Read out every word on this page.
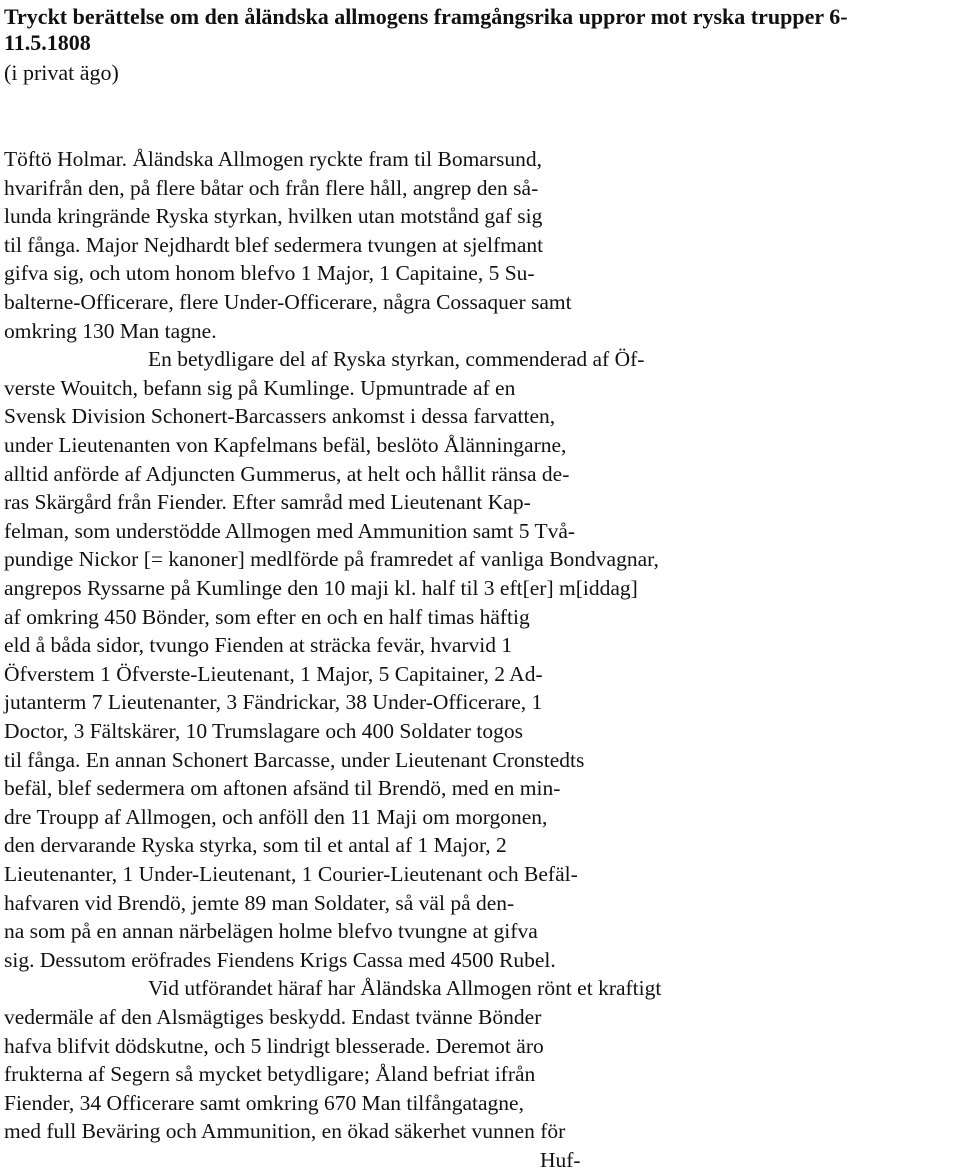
Tryckt berättelse om den åländska allmogens framgångsrika uppror mot ryska trupper 6-
11.5.1808

(i privat ägo)

Töftö Holmar. Åländska Allmogen ryckte fram til Bomarsund,
hvarifrån den, på flere båtar och från flere håll, angrep den så-
lunda kringrände Ryska styrkan, hvilken utan motstånd gaf sig
til fånga. Major Nejdhardt blef sedermera tvungen at sjelfmant
gifva sig, och utom honom blefvo 1 Major, 1 Capitaine, 5 Su-
balterne-Officerare, flere Under-Officerare, några Cossaquer samt
omkring 130 Man tagne.
En betydligare del af Ryska styrkan, commenderad af Öf-
verste Wouitch, befann sig på Kumlinge. Upmuntrade af en
Svensk Division Schonert-Barcassers ankomst i dessa farvatten,
under Lieutenanten von Kapfelmans befäl, beslöto Ålänningarne,
alltid anförde af Adjuncten Gummerus, at helt och hållit ränsa de-
ras Skärgård från Fiender. Efter samråd med Lieutenant Kap-
felman, som understödde Allmogen med Ammunition samt 5 Två-
pundige Nickor [= kanoner] medlförde på framredet af vanliga Bondvagnar,
angrepos Ryssarne på Kumlinge den 10 maji kl. half til 3 eft[er] m[iddag]
af omkring 450 Bönder, som efter en och en half timas häftig
eld å båda sidor, tvungo Fienden at sträcka fevär, hvarvid 1
Öfverstem 1 Öfverste-Lieutenant, 1 Major, 5 Capitainer, 2 Ad-
jutanterm 7 Lieutenanter, 3 Fändrickar, 38 Under-Officerare, 1
Doctor, 3 Fältskärer, 10 Trumslagare och 400 Soldater togos
til fånga. En annan Schonert Barcasse, under Lieutenant Cronstedts
befäl, blef sedermera om aftonen afsänd til Brendö, med en min-
dre Troupp af Allmogen, och anföll den 11 Maji om morgonen,
den dervarande Ryska styrka, som til et antal af 1 Major, 2
Lieutenanter, 1 Under-Lieutenant, 1 Courier-Lieutenant och Befäl-
hafvaren vid Brendö, jemte 89 man Soldater, så väl på den-
na som på en annan närbelägen holme blefvo tvungne at gifva
sig. Dessutom eröfrades Fiendens Krigs Cassa med 4500 Rubel.
Vid utförandet häraf har Åländska Allmogen rönt et kraftigt
vedermäle af den Alsmägtiges beskydd. Endast tvänne Bönder
hafva blifvit dödskutne, och 5 lindrigt blesserade. Deremot äro
frukterna af Segern så mycket betydligare; Åland befriat ifrån
Fiender, 34 Officerare samt omkring 670 Man tilfångatagne,
med full Beväring och Ammunition, en ökad säkerhet vunnen för
Huf-
